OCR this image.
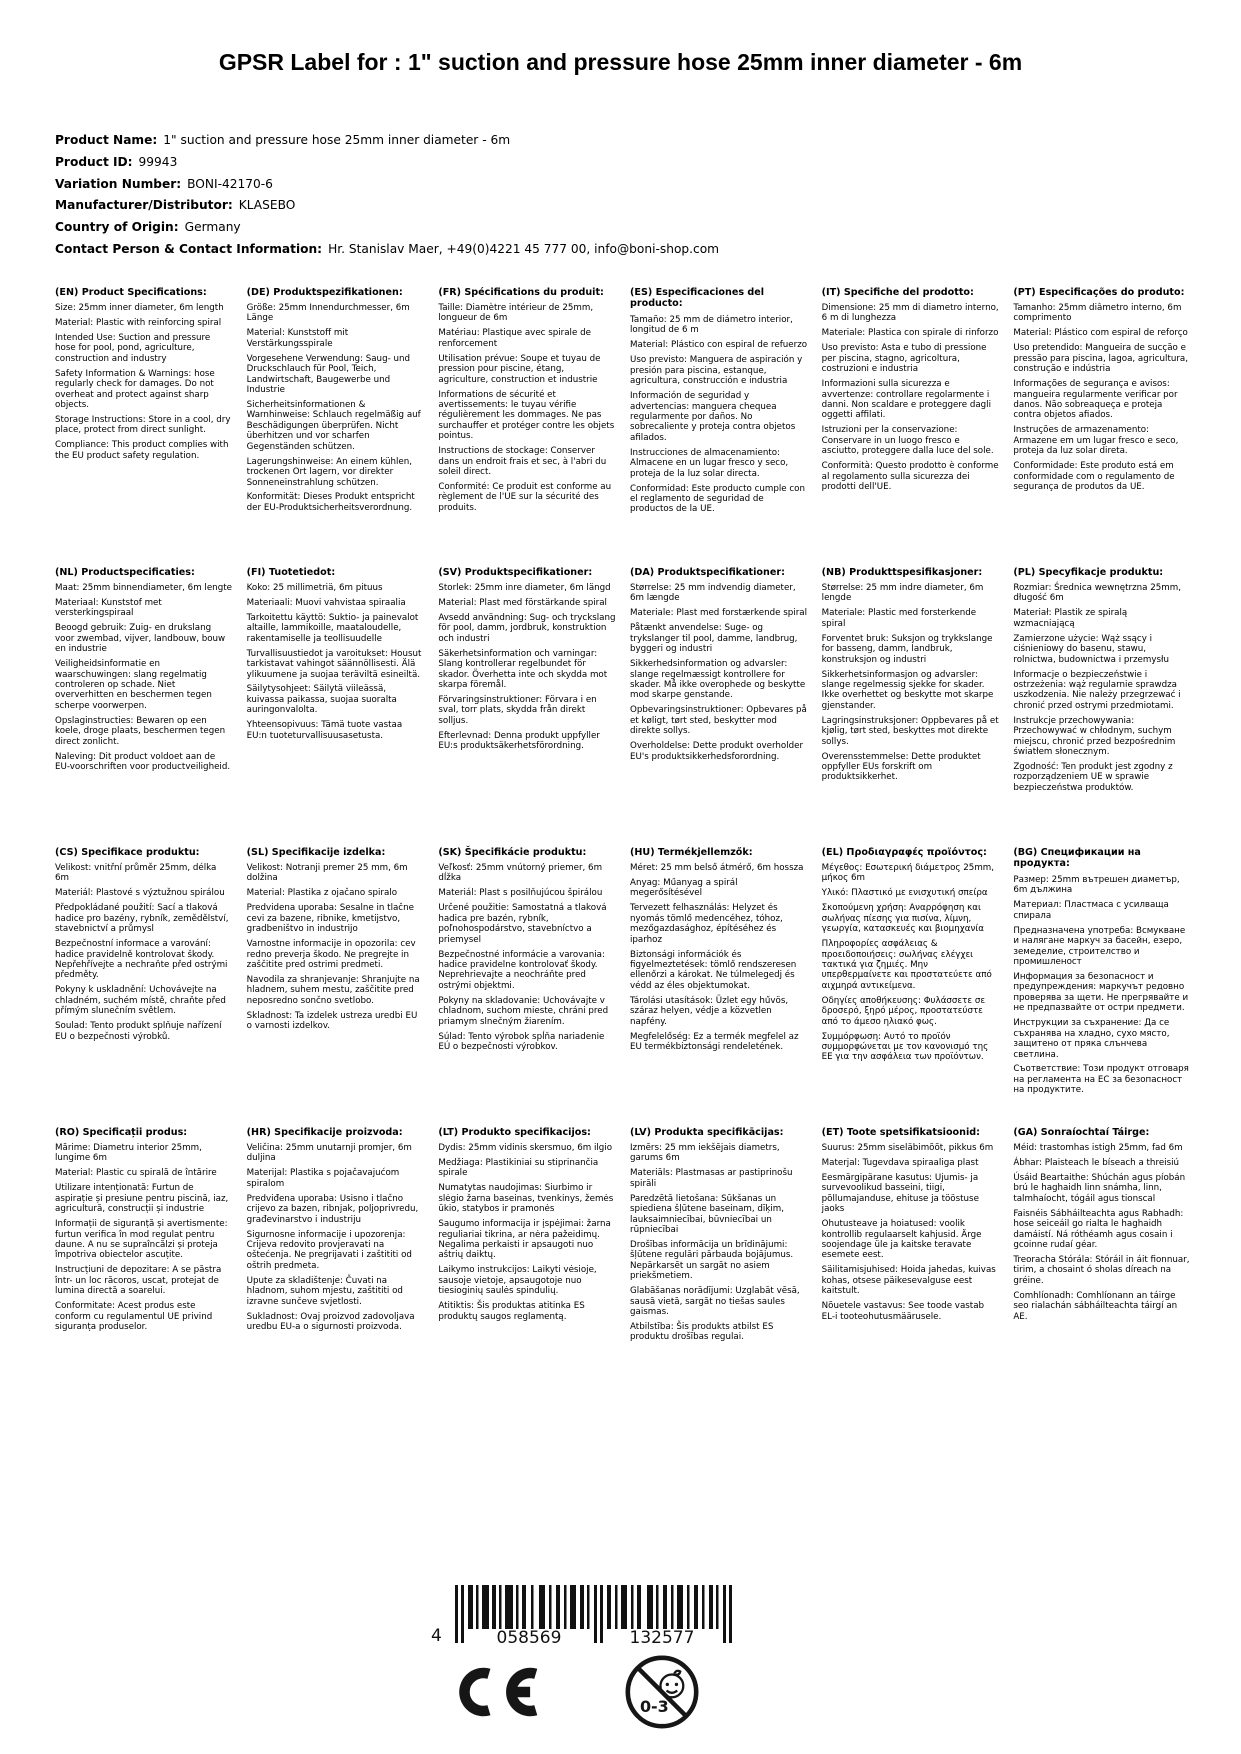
GPSR Label for : 1" suction and pressure hose 25mm inner diameter - 6m
Product Name: 1" suction and pressure hose 25mm inner diameter - 6m
Product ID: 99943
Variation Number: BONI-42170-6
Manufacturer/Distributor: KLASEBO
Country of Origin: Germany
Contact Person & Contact Information: Hr. Stanislav Maer, +49(0)4221 45 777 00, info@boni-shop.com
(EN) Product Specifications:

Size: 25mm inner diameter, 6m length

Material: Plastic with reinforcing spiral

Intended Use: Suction and pressure hose for pool, pond, agriculture, construction and industry

Safety Information & Warnings: hose regularly check for damages. Do not overheat and protect against sharp objects.

Storage Instructions: Store in a cool, dry place, protect from direct sunlight.

Compliance: This product complies with the EU product safety regulation.

(DE) Produktspezifikationen:

Größe: 25mm Innendurchmesser, 6m Länge

Material: Kunststoff mit Verstärkungsspirale

Vorgesehene Verwendung: Saug- und Druckschlauch für Pool, Teich, Landwirtschaft, Baugewerbe und Industrie

Sicherheitsinformationen & Warnhinweise: Schlauch regelmäßig auf Beschädigungen überprüfen. Nicht überhitzen und vor scharfen Gegenständen schützen.

Lagerungshinweise: An einem kühlen, trockenen Ort lagern, vor direkter Sonneneinstrahlung schützen.

Konformität: Dieses Produkt entspricht der EU-Produktsicherheitsverordnung.

(FR) Spécifications du produit:

Taille: Diamètre intérieur de 25mm, longueur de 6m

Matériau: Plastique avec spirale de renforcement

Utilisation prévue: Soupe et tuyau de pression pour piscine, étang, agriculture, construction et industrie

Informations de sécurité et avertissements: le tuyau vérifie régulièrement les dommages. Ne pas surchauffer et protéger contre les objets pointus.

Instructions de stockage: Conserver dans un endroit frais et sec, à l'abri du soleil direct.

Conformité: Ce produit est conforme au règlement de l'UE sur la sécurité des produits.

(ES) Especificaciones del producto:

Tamaño: 25 mm de diámetro interior, longitud de 6 m

Material: Plástico con espiral de refuerzo

Uso previsto: Manguera de aspiración y presión para piscina, estanque, agricultura, construcción e industria

Información de seguridad y advertencias: manguera chequea regularmente por daños. No sobrecaliente y proteja contra objetos afilados.

Instrucciones de almacenamiento: Almacene en un lugar fresco y seco, proteja de la luz solar directa.

Conformidad: Este producto cumple con el reglamento de seguridad de productos de la UE.

(IT) Specifiche del prodotto:

Dimensione: 25 mm di diametro interno, 6 m di lunghezza

Materiale: Plastica con spirale di rinforzo

Uso previsto: Asta e tubo di pressione per piscina, stagno, agricoltura, costruzioni e industria

Informazioni sulla sicurezza e avvertenze: controllare regolarmente i danni. Non scaldare e proteggere dagli oggetti affilati.

Istruzioni per la conservazione: Conservare in un luogo fresco e asciutto, proteggere dalla luce del sole.

Conformità: Questo prodotto è conforme al regolamento sulla sicurezza dei prodotti dell'UE.

(PT) Especificações do produto:

Tamanho: 25mm diâmetro interno, 6m comprimento

Material: Plástico com espiral de reforço

Uso pretendido: Mangueira de sucção e pressão para piscina, lagoa, agricultura, construção e indústria

Informações de segurança e avisos: mangueira regularmente verificar por danos. Não sobreaqueça e proteja contra objetos afiados.

Instruções de armazenamento: Armazene em um lugar fresco e seco, proteja da luz solar direta.

Conformidade: Este produto está em conformidade com o regulamento de segurança de produtos da UE.

(NL) Productspecificaties:

Maat: 25mm binnendiameter, 6m lengte

Materiaal: Kunststof met versterkingspiraal

Beoogd gebruik: Zuig- en drukslang voor zwembad, vijver, landbouw, bouw en industrie

Veiligheidsinformatie en waarschuwingen: slang regelmatig controleren op schade. Niet oververhitten en beschermen tegen scherpe voorwerpen.

Opslaginstructies: Bewaren op een koele, droge plaats, beschermen tegen direct zonlicht.

Naleving: Dit product voldoet aan de EU-voorschriften voor productveiligheid.

(FI) Tuotetiedot:

Koko: 25 millimetriä, 6m pituus

Materiaali: Muovi vahvistaa spiraalia

Tarkoitettu käyttö: Suktio- ja painevalot altaille, lammikoille, maataloudelle, rakentamiselle ja teollisuudelle

Turvallisuustiedot ja varoitukset: Housut tarkistavat vahingot säännöllisesti. Älä ylikuumene ja suojaa teräviltä esineiltä.

Säilytysohjeet: Säilytä viileässä, kuivassa paikassa, suojaa suoralta auringonvalolta.

Yhteensopivuus: Tämä tuote vastaa EU:n tuoteturvallisuusasetusta.

(SV) Produktspecifikationer:

Storlek: 25mm inre diameter, 6m längd

Material: Plast med förstärkande spiral

Avsedd användning: Sug- och tryckslang för pool, damm, jordbruk, konstruktion och industri

Säkerhetsinformation och varningar: Slang kontrollerar regelbundet för skador. Överhetta inte och skydda mot skarpa föremål.

Förvaringsinstruktioner: Förvara i en sval, torr plats, skydda från direkt solljus.

Efterlevnad: Denna produkt uppfyller EU:s produktsäkerhetsförordning.

(DA) Produktspecifikationer:

Størrelse: 25 mm indvendig diameter, 6m længde

Materiale: Plast med forstærkende spiral

Påtænkt anvendelse: Suge- og trykslanger til pool, damme, landbrug, byggeri og industri

Sikkerhedsinformation og advarsler: slange regelmæssigt kontrollere for skader. Må ikke overophede og beskytte mod skarpe genstande.

Opbevaringsinstruktioner: Opbevares på et køligt, tørt sted, beskytter mod direkte sollys.

Overholdelse: Dette produkt overholder EU's produktsikkerhedsforordning.

(NB) Produkttspesifikasjoner:

Størrelse: 25 mm indre diameter, 6m lengde

Materiale: Plastic med forsterkende spiral

Forventet bruk: Suksjon og trykkslange for basseng, damm, landbruk, konstruksjon og industri

Sikkerhetsinformasjon og advarsler: slange regelmessig sjekke for skader. Ikke overhettet og beskytte mot skarpe gjenstander.

Lagringsinstruksjoner: Oppbevares på et kjølig, tørt sted, beskyttes mot direkte sollys.

Overensstemmelse: Dette produktet oppfyller EUs forskrift om produktsikkerhet.

(PL) Specyfikacje produktu:

Rozmiar: Średnica wewnętrzna 25mm, długość 6m

Materiał: Plastik ze spiralą wzmacniającą

Zamierzone użycie: Wąż ssący i ciśnieniowy do basenu, stawu, rolnictwa, budownictwa i przemysłu

Informacje o bezpieczeństwie i ostrzeżenia: wąż regularnie sprawdza uszkodzenia. Nie należy przegrzewać i chronić przed ostrymi przedmiotami.

Instrukcje przechowywania: Przechowywać w chłodnym, suchym miejscu, chronić przed bezpośrednim światłem słonecznym.

Zgodność: Ten produkt jest zgodny z rozporządzeniem UE w sprawie bezpieczeństwa produktów.

(CS) Specifikace produktu:

Velikost: vnitřní průměr 25mm, délka 6m

Materiál: Plastové s výztužnou spirálou

Předpokládané použití: Sací a tlaková hadice pro bazény, rybník, zemědělství, stavebnictví a průmysl

Bezpečnostní informace a varování: hadice pravidelně kontrolovat škody. Nepřehřívejte a nechraňte před ostrými předměty.

Pokyny k uskladnění: Uchovávejte na chladném, suchém místě, chraňte před přímým slunečním světlem.

Soulad: Tento produkt splňuje nařízení EU o bezpečnosti výrobků.

(SL) Specifikacije izdelka:

Velikost: Notranji premer 25 mm, 6m dolžina

Material: Plastika z ojačano spiralo

Predvidena uporaba: Sesalne in tlačne cevi za bazene, ribnike, kmetijstvo, gradbeništvo in industrijo

Varnostne informacije in opozorila: cev redno preverja škodo. Ne pregrejte in zaščitite pred ostrimi predmeti.

Navodila za shranjevanje: Shranjujte na hladnem, suhem mestu, zaščitite pred neposredno sončno svetlobo.

Skladnost: Ta izdelek ustreza uredbi EU o varnosti izdelkov.

(SK) Špecifikácie produktu:

Veľkosť: 25mm vnútorný priemer, 6m dĺžka

Materiál: Plast s posilňujúcou špirálou

Určené použitie: Samostatná a tlaková hadica pre bazén, rybník, poľnohospodárstvo, stavebníctvo a priemysel

Bezpečnostné informácie a varovania: hadice pravidelne kontrolovať škody. Neprehrievajte a neochráňte pred ostrými objektmi.

Pokyny na skladovanie: Uchovávajte v chladnom, suchom mieste, chráni pred priamym slnečným žiarením.

Súlad: Tento výrobok spĺňa nariadenie EÚ o bezpečnosti výrobkov.

(HU) Termékjellemzők:

Méret: 25 mm belső átmérő, 6m hossza

Anyag: Műanyag a spirál megerősítésével

Tervezett felhasználás: Helyzet és nyomás tömlő medencéhez, tóhoz, mezőgazdasághoz, építéséhez és iparhoz

Biztonsági információk és figyelmeztetések: tömlő rendszeresen ellenőrzi a károkat. Ne túlmelegedj és védd az éles objektumokat.

Tárolási utasítások: Üzlet egy hűvös, száraz helyen, védje a közvetlen napfény.

Megfelelőség: Ez a termék megfelel az EU termékbiztonsági rendeletének.

(EL) Προδιαγραφές προϊόντος:

Μέγεθος: Εσωτερική διάμετρος 25mm, μήκος 6m

Υλικό: Πλαστικό με ενισχυτική σπείρα

Σκοπούμενη χρήση: Αναρρόφηση και σωλήνας πίεσης για πισίνα, λίμνη, γεωργία, κατασκευές και βιομηχανία

Πληροφορίες ασφάλειας & προειδοποιήσεις: σωλήνας ελέγχει τακτικά για ζημιές. Μην υπερθερμαίνετε και προστατεύετε από αιχμηρά αντικείμενα.

Οδηγίες αποθήκευσης: Φυλάσσετε σε δροσερό, ξηρό μέρος, προστατεύστε από το άμεσο ηλιακό φως.

Συμμόρφωση: Αυτό το προϊόν συμμορφώνεται με τον κανονισμό της ΕΕ για την ασφάλεια των προϊόντων.

(BG) Спецификации на продукта:

Размер: 25mm вътрешен диаметър, 6m дължина

Материал: Пластмаса с усилваща спирала

Предназначена употреба: Всмукване и налягане маркуч за басейн, езеро, земеделие, строителство и промишленост

Информация за безопасност и предупреждения: маркучът редовно проверява за щети. Не прегрявайте и не предпазвайте от остри предмети.

Инструкции за съхранение: Да се съхранява на хладно, сухо място, защитено от пряка слънчева светлина.

Съответствие: Този продукт отговаря на регламента на ЕС за безопасност на продуктите.

(RO) Specificații produs:

Mărime: Diametru interior 25mm, lungime 6m

Material: Plastic cu spirală de întărire

Utilizare intenționată: Furtun de aspirație și presiune pentru piscină, iaz, agricultură, construcții și industrie

Informații de siguranță și avertismente: furtun verifica în mod regulat pentru daune. A nu se supraîncălzi și proteja împotriva obiectelor ascuțite.

Instrucțiuni de depozitare: A se păstra într- un loc răcoros, uscat, protejat de lumina directă a soarelui.

Conformitate: Acest produs este conform cu regulamentul UE privind siguranța produselor.

(HR) Specifikacije proizvoda:

Veličina: 25mm unutarnji promjer, 6m duljina

Materijal: Plastika s pojačavajućom spiralom

Predviđena uporaba: Usisno i tlačno crijevo za bazen, ribnjak, poljoprivredu, građevinarstvo i industriju

Sigurnosne informacije i upozorenja: Crijeva redovito provjeravati na oštećenja. Ne pregrijavati i zaštititi od oštrih predmeta.

Upute za skladištenje: Čuvati na hladnom, suhom mjestu, zaštititi od izravne sunčeve svjetlosti.

Sukladnost: Ovaj proizvod zadovoljava uredbu EU-a o sigurnosti proizvoda.

(LT) Produkto specifikacijos:

Dydis: 25mm vidinis skersmuo, 6m ilgio

Medžiaga: Plastikiniai su stiprinančia spirale

Numatytas naudojimas: Siurbimo ir slėgio žarna baseinas, tvenkinys, žemės ūkio, statybos ir pramonės

Saugumo informacija ir įspėjimai: žarna reguliariai tikrina, ar nėra pažeidimų. Negalima perkaisti ir apsaugoti nuo aštrių daiktų.

Laikymo instrukcijos: Laikyti vėsioje, sausoje vietoje, apsaugotoje nuo tiesioginių saulės spindulių.

Atitiktis: Šis produktas atitinka ES produktų saugos reglamentą.

(LV) Produkta specifikācijas:

Izmērs: 25 mm iekšējais diametrs, garums 6m

Materiāls: Plastmasas ar pastiprinošu spirāli

Paredzētā lietošana: Sūkšanas un spiediena šļūtene baseinam, dīķim, lauksaimniecībai, būvniecībai un rūpniecībai

Drošības informācija un brīdinājumi: šļūtene regulāri pārbauda bojājumus. Nepārkarsēt un sargāt no asiem priekšmetiem.

Glabāšanas norādījumi: Uzglabāt vēsā, sausā vietā, sargāt no tiešas saules gaismas.

Atbilstība: Šis produkts atbilst ES produktu drošības regulai.

(ET) Toote spetsifikatsioonid:

Suurus: 25mm siseläbimõõt, pikkus 6m

Materjal: Tugevdava spiraaliga plast

Eesmärgipärane kasutus: Ujumis- ja survevoolikud basseini, tiigi, põllumajanduse, ehituse ja tööstuse jaoks

Ohutusteave ja hoiatused: voolik kontrollib regulaarselt kahjusid. Ärge soojendage üle ja kaitske teravate esemete eest.

Säilitamisjuhised: Hoida jahedas, kuivas kohas, otsese päikesevalguse eest kaitstult.

Nõuetele vastavus: See toode vastab EL-i tooteohutusmäärusele.

(GA) Sonraíochtaí Táirge:

Méid: trastomhas istigh 25mm, fad 6m

Ábhar: Plaisteach le bíseach a threisiú

Úsáid Beartaithe: Shúchán agus píobán brú le haghaidh linn snámha, linn, talmhaíocht, tógáil agus tionscal

Faisnéis Sábháilteachta agus Rabhadh: hose seiceáil go rialta le haghaidh damáistí. Ná róthéamh agus cosain i gcoinne rudaí géar.

Treoracha Stórála: Stóráil in áit fionnuar, tirim, a chosaint ó sholas díreach na gréine.

Comhlíonadh: Comhlíonann an táirge seo rialachán sábháilteachta táirgí an AE.

4	058569	132577
0-3
